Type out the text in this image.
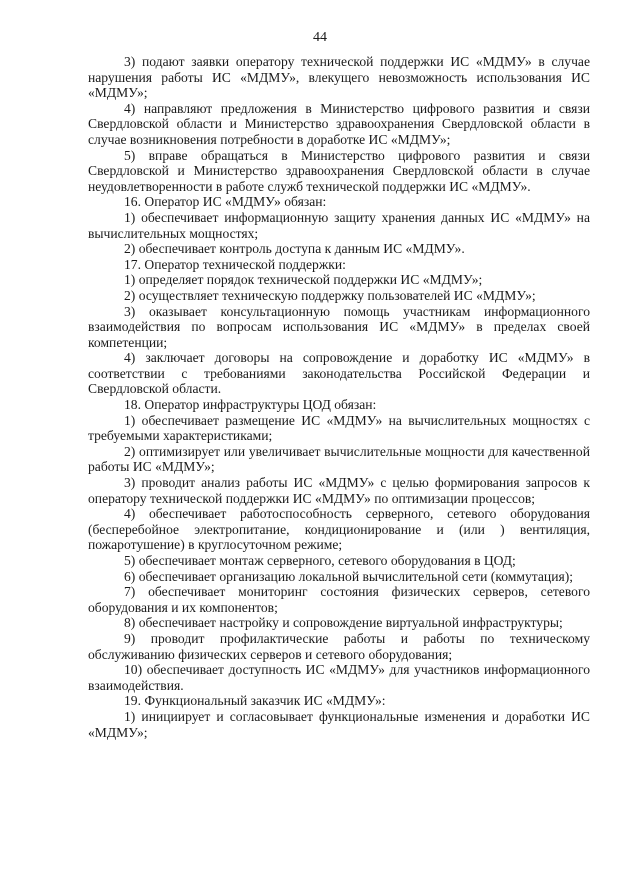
44

3) подают заявки оператору технической поддержки ИС «МДМУ» в случае нарушения работы ИС «МДМУ», влекущего невозможность использования ИС «МДМУ»;

4) направляют предложения в Министерство цифрового развития и связи Свердловской области и Министерство здравоохранения Свердловской области в случае возникновения потребности в доработке ИС «МДМУ»;

5) вправе обращаться в Министерство цифрового развития и связи Свердловской и Министерство здравоохранения Свердловской области в случае неудовлетворенности в работе служб технической поддержки ИС «МДМУ».

16. Оператор ИС «МДМУ» обязан:

1) обеспечивает информационную защиту хранения данных ИС «МДМУ» на вычислительных мощностях;

2) обеспечивает контроль доступа к данным ИС «МДМУ».

17. Оператор технической поддержки:

1) определяет порядок технической поддержки ИС «МДМУ»;

2) осуществляет техническую поддержку пользователей ИС «МДМУ»;

3) оказывает консультационную помощь участникам информационного взаимодействия по вопросам использования ИС «МДМУ» в пределах своей компетенции;

4) заключает договоры на сопровождение и доработку ИС «МДМУ» в соответствии с требованиями законодательства Российской Федерации и Свердловской области.

18. Оператор инфраструктуры ЦОД обязан:

1) обеспечивает размещение ИС «МДМУ» на вычислительных мощностях с требуемыми характеристиками;

2) оптимизирует или увеличивает вычислительные мощности для качественной работы ИС «МДМУ»;

3) проводит анализ работы ИС «МДМУ» с целью формирования запросов к оператору технической поддержки ИС «МДМУ» по оптимизации процессов;

4) обеспечивает работоспособность серверного, сетевого оборудования (бесперебойное электропитание, кондиционирование и (или ) вентиляция, пожаротушение) в круглосуточном режиме;

5) обеспечивает монтаж серверного, сетевого оборудования в ЦОД;

6) обеспечивает организацию локальной вычислительной сети (коммутация);

7) обеспечивает мониторинг состояния физических серверов, сетевого оборудования и их компонентов;

8) обеспечивает настройку и сопровождение виртуальной инфраструктуры;

9) проводит профилактические работы и работы по техническому обслуживанию физических серверов и сетевого оборудования;

10) обеспечивает доступность ИС «МДМУ» для участников информационного взаимодействия.

19. Функциональный заказчик ИС «МДМУ»:

1) инициирует и согласовывает функциональные изменения и доработки ИС «МДМУ»;
